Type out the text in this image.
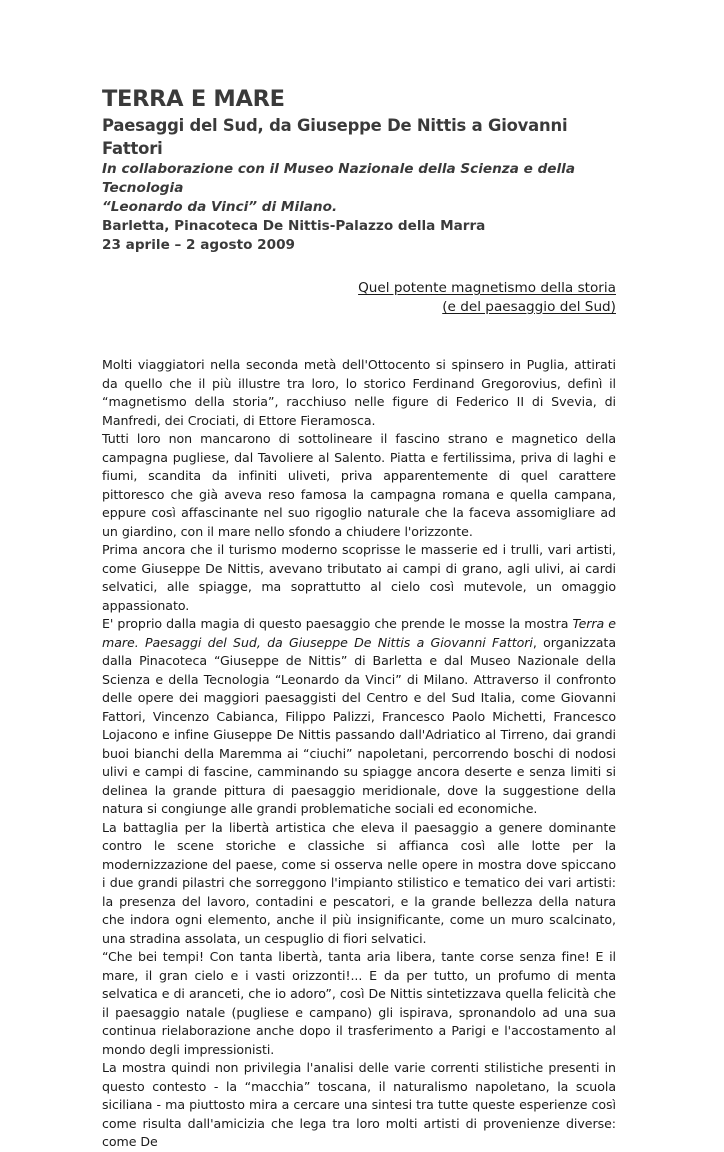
TERRA E MARE
Paesaggi del Sud, da Giuseppe De Nittis a Giovanni Fattori
In collaborazione con il Museo Nazionale della Scienza e della Tecnologia
“Leonardo da Vinci” di Milano.
Barletta, Pinacoteca De Nittis-Palazzo della Marra
23 aprile – 2 agosto 2009
Quel potente magnetismo della storia
(e del paesaggio del Sud)

Molti viaggiatori nella seconda metà dell'Ottocento si spinsero in Puglia, attirati da quello che il più illustre tra loro, lo storico Ferdinand Gregorovius, definì il “magnetismo della storia”, racchiuso nelle figure di Federico II di Svevia, di Manfredi, dei Crociati, di Ettore Fieramosca.

Tutti loro non mancarono di sottolineare il fascino strano e magnetico della campagna pugliese, dal Tavoliere al Salento. Piatta e fertilissima, priva di laghi e fiumi, scandita da infiniti uliveti, priva apparentemente di quel carattere pittoresco che già aveva reso famosa la campagna romana e quella campana, eppure così affascinante nel suo rigoglio naturale che la faceva assomigliare ad un giardino, con il mare nello sfondo a chiudere l'orizzonte.

Prima ancora che il turismo moderno scoprisse le masserie ed i trulli, vari artisti, come Giuseppe De Nittis, avevano tributato ai campi di grano, agli ulivi, ai cardi selvatici, alle spiagge, ma soprattutto al cielo così mutevole, un omaggio appassionato.

E' proprio dalla magia di questo paesaggio che prende le mosse la mostra Terra e mare. Paesaggi del Sud, da Giuseppe De Nittis a Giovanni Fattori, organizzata dalla Pinacoteca “Giuseppe de Nittis” di Barletta e dal Museo Nazionale della Scienza e della Tecnologia “Leonardo da Vinci” di Milano. Attraverso il confronto delle opere dei maggiori paesaggisti del Centro e del Sud Italia, come Giovanni Fattori, Vincenzo Cabianca, Filippo Palizzi, Francesco Paolo Michetti, Francesco Lojacono e infine Giuseppe De Nittis passando dall'Adriatico al Tirreno, dai grandi buoi bianchi della Maremma ai “ciuchi” napoletani, percorrendo boschi di nodosi ulivi e campi di fascine, camminando su spiagge ancora deserte e senza limiti si delinea la grande pittura di paesaggio meridionale, dove la suggestione della natura si congiunge alle grandi problematiche sociali ed economiche.

La battaglia per la libertà artistica che eleva il paesaggio a genere dominante contro le scene storiche e classiche si affianca così alle lotte per la modernizzazione del paese, come si osserva nelle opere in mostra dove spiccano i due grandi pilastri che sorreggono l'impianto stilistico e tematico dei vari artisti: la presenza del lavoro, contadini e pescatori, e la grande bellezza della natura che indora ogni elemento, anche il più insignificante, come un muro scalcinato, una stradina assolata, un cespuglio di fiori selvatici.

“Che bei tempi! Con tanta libertà, tanta aria libera, tante corse senza fine! E il mare, il gran cielo e i vasti orizzonti!... E da per tutto, un profumo di menta selvatica e di aranceti, che io adoro”, così De Nittis sintetizzava quella felicità che il paesaggio natale (pugliese e campano) gli ispirava, spronandolo ad una sua continua rielaborazione anche dopo il trasferimento a Parigi e l'accostamento al mondo degli impressionisti.

La mostra quindi non privilegia l'analisi delle varie correnti stilistiche presenti in questo contesto - la “macchia” toscana, il naturalismo napoletano, la scuola siciliana - ma piuttosto mira a cercare una sintesi tra tutte queste esperienze così come risulta dall'amicizia che lega tra loro molti artisti di provenienze diverse: come De
